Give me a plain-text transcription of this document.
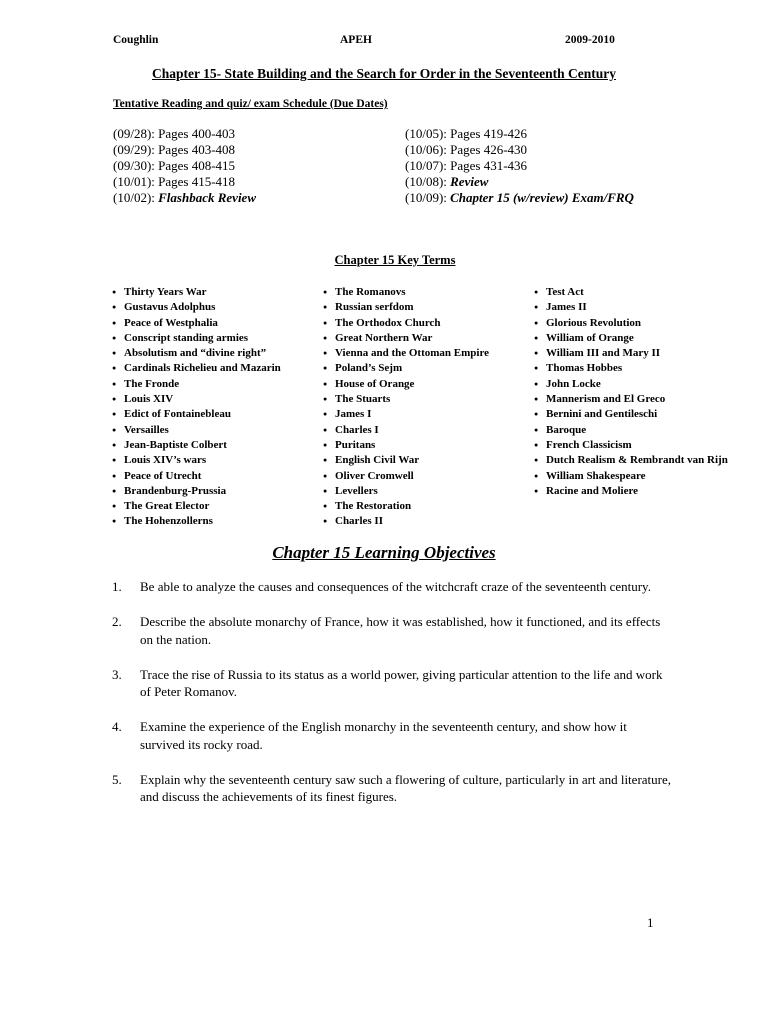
Coughlin	APEH	2009-2010
Chapter 15- State Building and the Search for Order in the Seventeenth Century
Tentative Reading and quiz/ exam Schedule (Due Dates)
(09/28): Pages 400-403
(09/29): Pages 403-408
(09/30): Pages 408-415
(10/01): Pages 415-418
(10/02): Flashback Review
(10/05): Pages 419-426
(10/06): Pages 426-430
(10/07): Pages 431-436
(10/08): Review
(10/09): Chapter 15 (w/review) Exam/FRQ
Chapter 15 Key Terms
● Thirty Years War
● Gustavus Adolphus
● Peace of Westphalia
● Conscript standing armies
● Absolutism and “divine right”
● Cardinals Richelieu and Mazarin
● The Fronde
● Louis XIV
● Edict of Fontainebleau
● Versailles
● Jean-Baptiste Colbert
● Louis XIV’s wars
● Peace of Utrecht
● Brandenburg-Prussia
● The Great Elector
● The Hohenzollerns
● The Romanovs
● Russian serfdom
● The Orthodox Church
● Great Northern War
● Vienna and the Ottoman Empire
● Poland’s Sejm
● House of Orange
● The Stuarts
● James I
● Charles I
● Puritans
● English Civil War
● Oliver Cromwell
● Levellers
● The Restoration
● Charles II
● Test Act
● James II
● Glorious Revolution
● William of Orange
● William III and Mary II
● Thomas Hobbes
● John Locke
● Mannerism and El Greco
● Bernini and Gentileschi
● Baroque
● French Classicism
● Dutch Realism & Rembrandt van Rijn
● William Shakespeare
● Racine and Moliere
Chapter 15 Learning Objectives
1. Be able to analyze the causes and consequences of the witchcraft craze of the seventeenth century.
2. Describe the absolute monarchy of France, how it was established, how it functioned, and its effects on the nation.
3. Trace the rise of Russia to its status as a world power, giving particular attention to the life and work of Peter Romanov.
4. Examine the experience of the English monarchy in the seventeenth century, and show how it survived its rocky road.
5. Explain why the seventeenth century saw such a flowering of culture, particularly in art and literature, and discuss the achievements of its finest figures.
1
